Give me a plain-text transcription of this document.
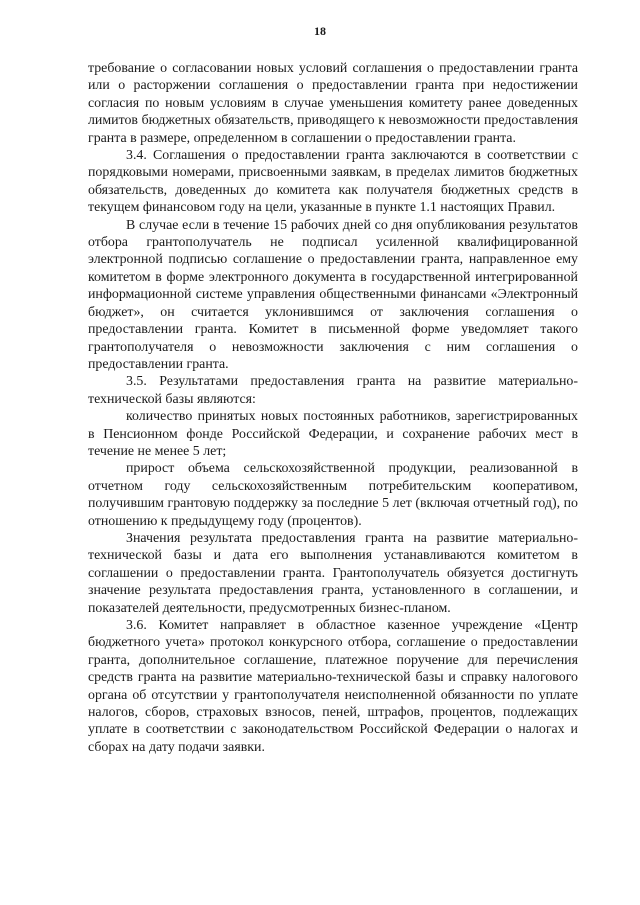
18

требование о согласовании новых условий соглашения о предоставлении гранта или о расторжении соглашения о предоставлении гранта при недостижении согласия по новым условиям в случае уменьшения комитету ранее доведенных лимитов бюджетных обязательств, приводящего к невозможности предоставления гранта в размере, определенном в соглашении о предоставлении гранта.

3.4. Соглашения о предоставлении гранта заключаются в соответствии с порядковыми номерами, присвоенными заявкам, в пределах лимитов бюджетных обязательств, доведенных до комитета как получателя бюджетных средств в текущем финансовом году на цели, указанные в пункте 1.1 настоящих Правил.

В случае если в течение 15 рабочих дней со дня опубликования результатов отбора грантополучатель не подписал усиленной квалифицированной электронной подписью соглашение о предоставлении гранта, направленное ему комитетом в форме электронного документа в государственной интегрированной информационной системе управления общественными финансами «Электронный бюджет», он считается уклонившимся от заключения соглашения о предоставлении гранта. Комитет в письменной форме уведомляет такого грантополучателя о невозможности заключения с ним соглашения о предоставлении гранта.

3.5. Результатами предоставления гранта на развитие материально-технической базы являются:

количество принятых новых постоянных работников, зарегистрированных в Пенсионном фонде Российской Федерации, и сохранение рабочих мест в течение не менее 5 лет;

прирост объема сельскохозяйственной продукции, реализованной в отчетном году сельскохозяйственным потребительским кооперативом, получившим грантовую поддержку за последние 5 лет (включая отчетный год), по отношению к предыдущему году (процентов).

Значения результата предоставления гранта на развитие материально-технической базы и дата его выполнения устанавливаются комитетом в соглашении о предоставлении гранта. Грантополучатель обязуется достигнуть значение результата предоставления гранта, установленного в соглашении, и показателей деятельности, предусмотренных бизнес-планом.

3.6. Комитет направляет в областное казенное учреждение «Центр бюджетного учета» протокол конкурсного отбора, соглашение о предоставлении гранта, дополнительное соглашение, платежное поручение для перечисления средств гранта на развитие материально-технической базы и справку налогового органа об отсутствии у грантополучателя неисполненной обязанности по уплате налогов, сборов, страховых взносов, пеней, штрафов, процентов, подлежащих уплате в соответствии с законодательством Российской Федерации о налогах и сборах на дату подачи заявки.
